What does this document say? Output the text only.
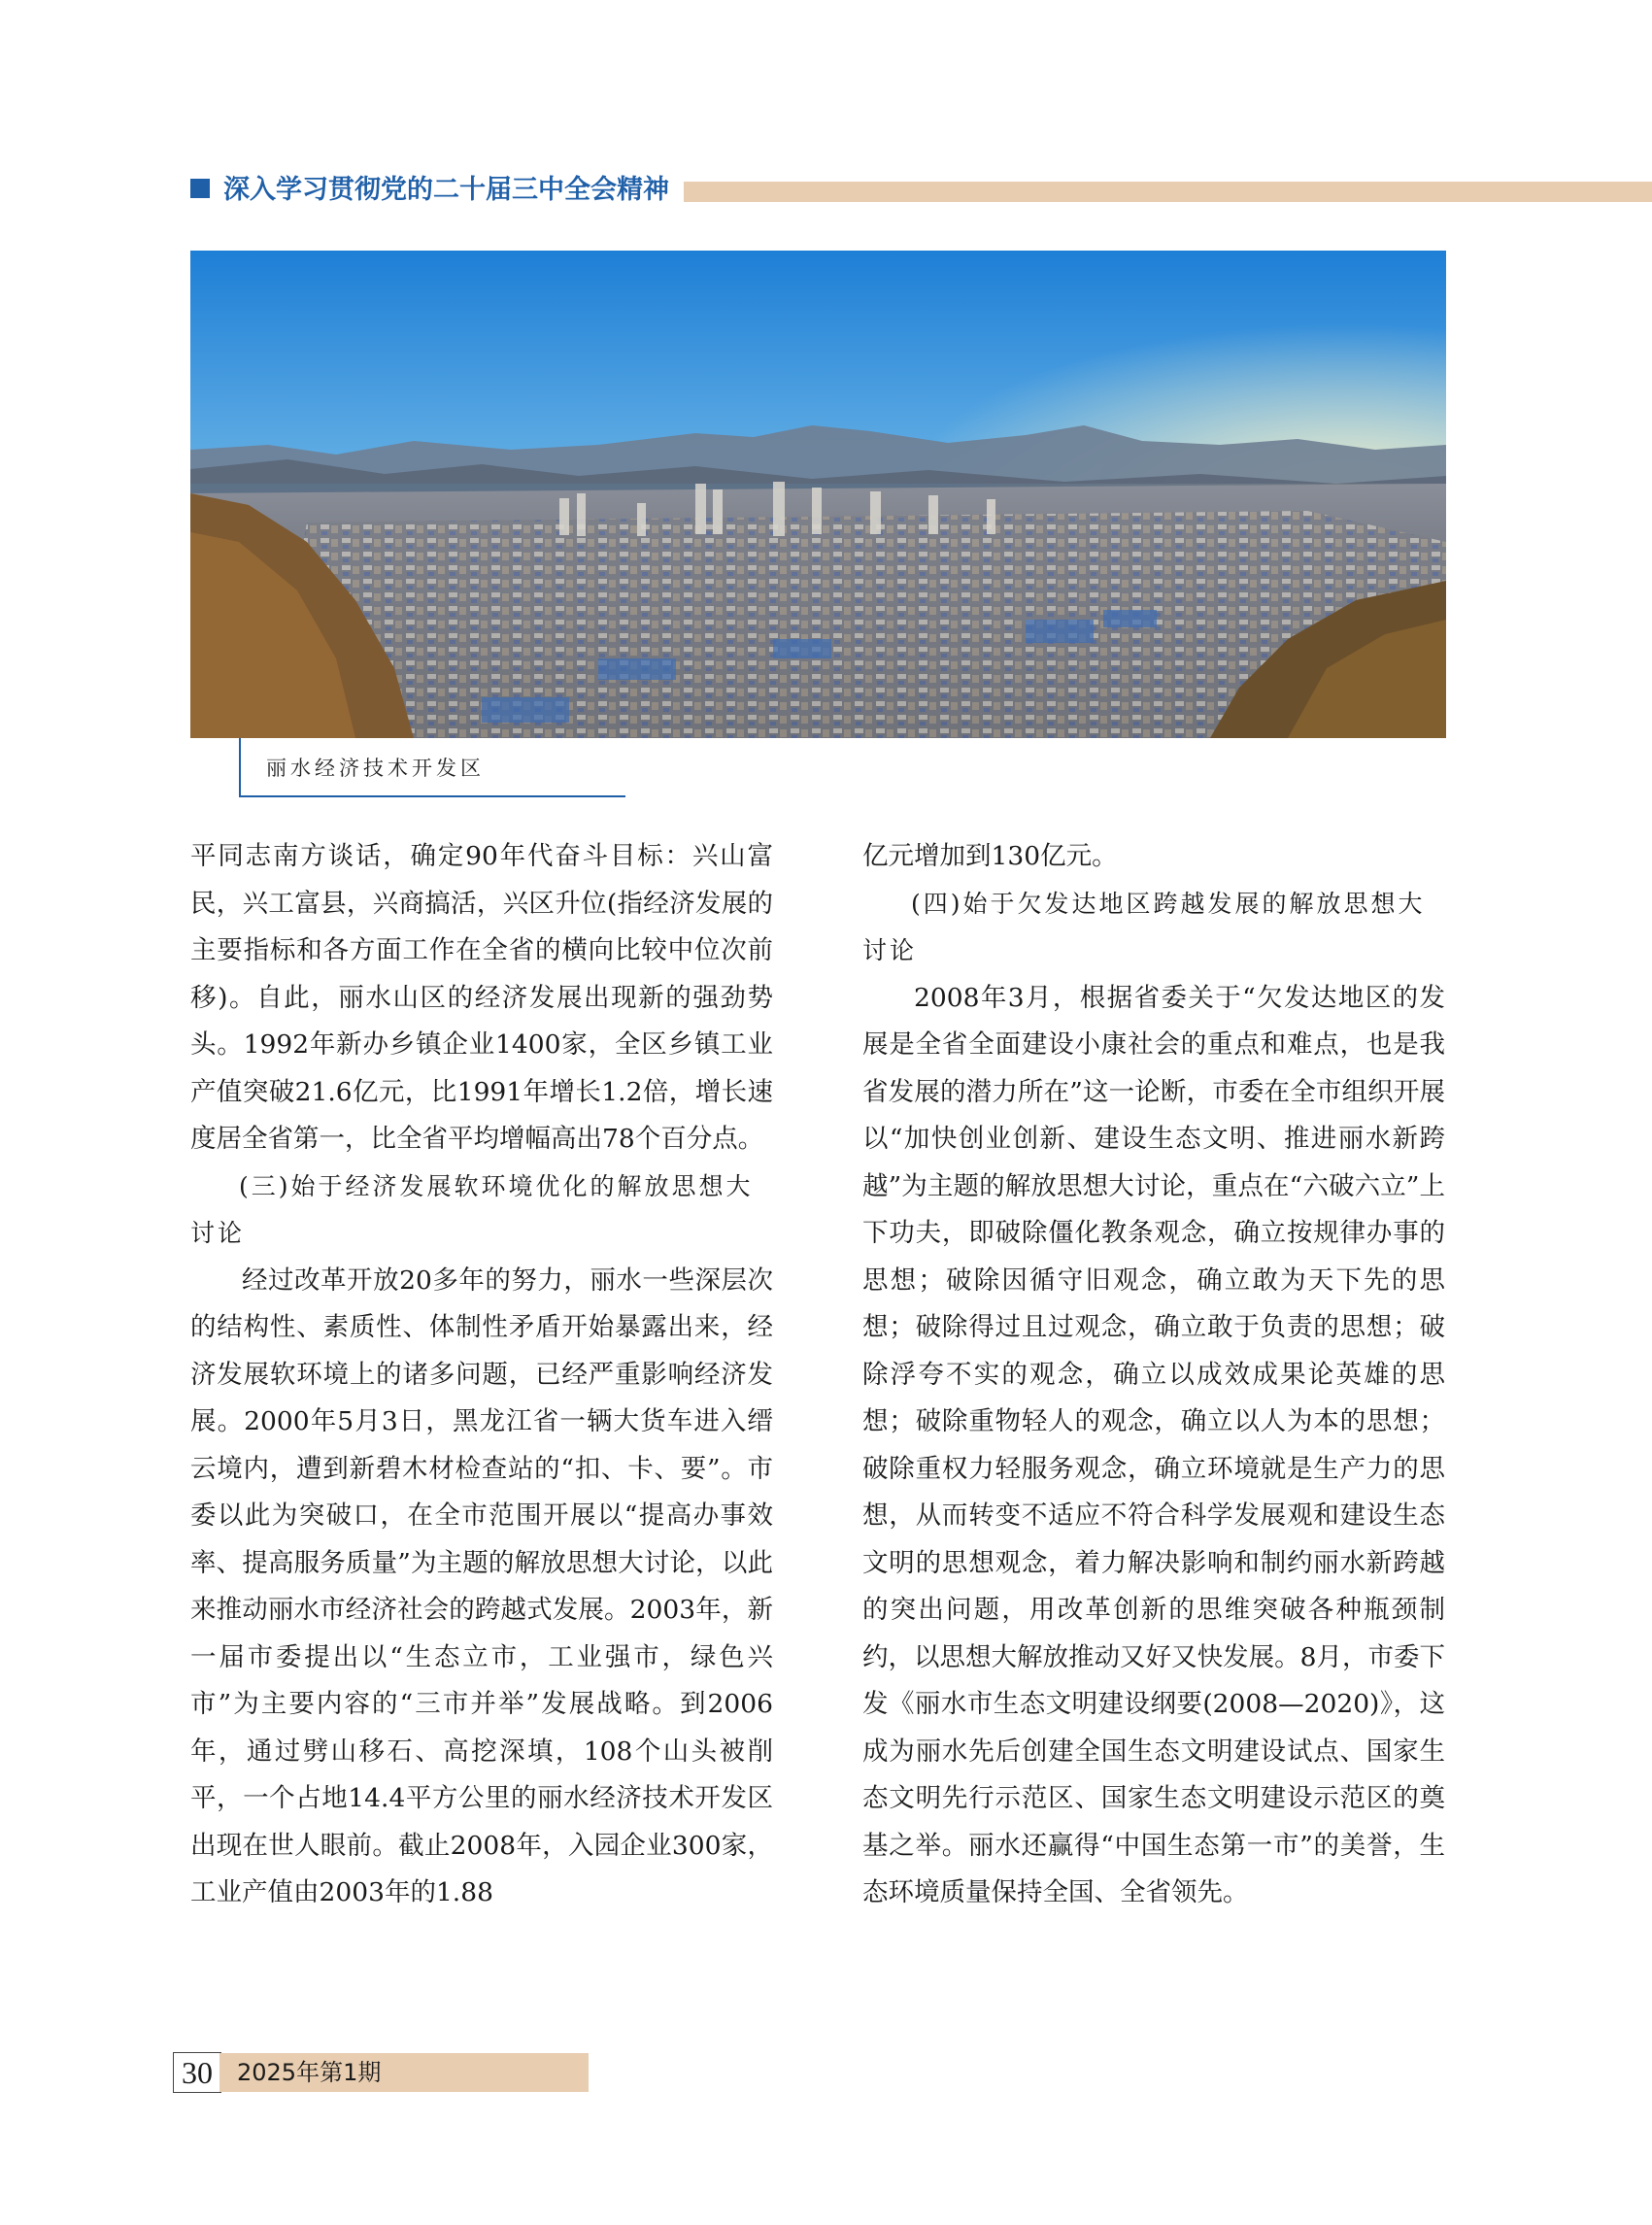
深入学习贯彻党的二十届三中全会精神
丽水经济技术开发区

平同志南方谈话，确定90年代奋斗目标：兴山富民，兴工富县，兴商搞活，兴区升位(指经济发展的主要指标和各方面工作在全省的横向比较中位次前移)。自此，丽水山区的经济发展出现新的强劲势头。1992年新办乡镇企业1400家，全区乡镇工业产值突破21.6亿元，比1991年增长1.2倍，增长速度居全省第一，比全省平均增幅高出78个百分点。

(三)始于经济发展软环境优化的解放思想大讨论

经过改革开放20多年的努力，丽水一些深层次的结构性、素质性、体制性矛盾开始暴露出来，经济发展软环境上的诸多问题，已经严重影响经济发展。2000年5月3日，黑龙江省一辆大货车进入缙云境内，遭到新碧木材检查站的“扣、卡、要”。市委以此为突破口，在全市范围开展以“提高办事效率、提高服务质量”为主题的解放思想大讨论，以此来推动丽水市经济社会的跨越式发展。2003年，新一届市委提出以“生态立市，工业强市，绿色兴市”为主要内容的“三市并举”发展战略。到2006年，通过劈山移石、高挖深填，108个山头被削平，一个占地14.4平方公里的丽水经济技术开发区出现在世人眼前。截止2008年，入园企业300家，工业产值由2003年的1.88

亿元增加到130亿元。

(四)始于欠发达地区跨越发展的解放思想大讨论

2008年3月，根据省委关于“欠发达地区的发展是全省全面建设小康社会的重点和难点，也是我省发展的潜力所在”这一论断，市委在全市组织开展以“加快创业创新、建设生态文明、推进丽水新跨越”为主题的解放思想大讨论，重点在“六破六立”上下功夫，即破除僵化教条观念，确立按规律办事的思想；破除因循守旧观念，确立敢为天下先的思想；破除得过且过观念，确立敢于负责的思想；破除浮夸不实的观念，确立以成效成果论英雄的思想；破除重物轻人的观念，确立以人为本的思想；破除重权力轻服务观念，确立环境就是生产力的思想，从而转变不适应不符合科学发展观和建设生态文明的思想观念，着力解决影响和制约丽水新跨越的突出问题，用改革创新的思维突破各种瓶颈制约，以思想大解放推动又好又快发展。8月，市委下发《丽水市生态文明建设纲要(2008—2020)》，这成为丽水先后创建全国生态文明建设试点、国家生态文明先行示范区、国家生态文明建设示范区的奠基之举。丽水还赢得“中国生态第一市”的美誉，生态环境质量保持全国、全省领先。

30	2025年第1期
